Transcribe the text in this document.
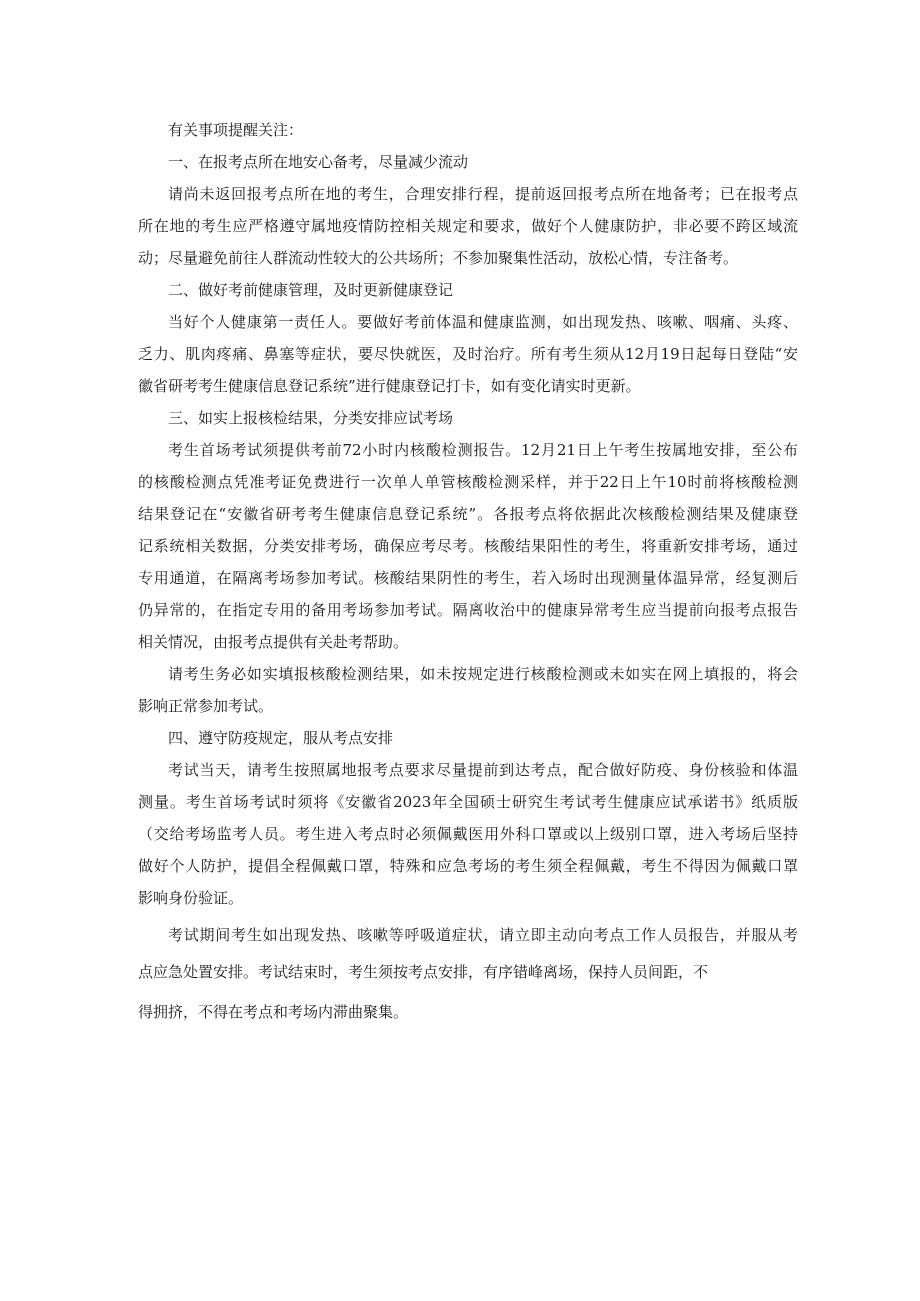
有关事项提醒关注：

一、在报考点所在地安心备考，尽量减少流动

请尚未返回报考点所在地的考生，合理安排行程，提前返回报考点所在地备考；已在报考点

所在地的考生应严格遵守属地疫情防控相关规定和要求，做好个人健康防护，非必要不跨区域流

动；尽量避免前往人群流动性较大的公共场所；不参加聚集性活动，放松心情，专注备考。

二、做好考前健康管理，及时更新健康登记

当好个人健康第一责任人。要做好考前体温和健康监测，如出现发热、咳嗽、咽痛、头疼、

乏力、肌肉疼痛、鼻塞等症状，要尽快就医，及时治疗。所有考生须从12月19日起每日登陆“安

徽省研考考生健康信息登记系统”进行健康登记打卡，如有变化请实时更新。

三、如实上报核检结果，分类安排应试考场

考生首场考试须提供考前72小时内核酸检测报告。12月21日上午考生按属地安排，至公布

的核酸检测点凭准考证免费进行一次单人单管核酸检测采样，并于22日上午10时前将核酸检测

结果登记在“安徽省研考考生健康信息登记系统”。各报考点将依据此次核酸检测结果及健康登

记系统相关数据，分类安排考场，确保应考尽考。核酸结果阳性的考生，将重新安排考场，通过

专用通道，在隔离考场参加考试。核酸结果阴性的考生，若入场时出现测量体温异常，经复测后

仍异常的，在指定专用的备用考场参加考试。隔离收治中的健康异常考生应当提前向报考点报告

相关情况，由报考点提供有关赴考帮助。

请考生务必如实填报核酸检测结果，如未按规定进行核酸检测或未如实在网上填报的，将会

影响正常参加考试。

四、遵守防疫规定，服从考点安排

考试当天，请考生按照属地报考点要求尽量提前到达考点，配合做好防疫、身份核验和体温

测量。考生首场考试时须将《安徽省2023年全国硕士研究生考试考生健康应试承诺书》纸质版

（交给考场监考人员。考生进入考点时必须佩戴医用外科口罩或以上级别口罩，进入考场后坚持

做好个人防护，提倡全程佩戴口罩，特殊和应急考场的考生须全程佩戴，考生不得因为佩戴口罩

影响身份验证。

考试期间考生如出现发热、咳嗽等呼吸道症状，请立即主动向考点工作人员报告，并服从考

点应急处置安排。考试结束时，考生须按考点安排，有序错峰离场，保持人员间距，不

得拥挤，不得在考点和考场内滞曲聚集。
